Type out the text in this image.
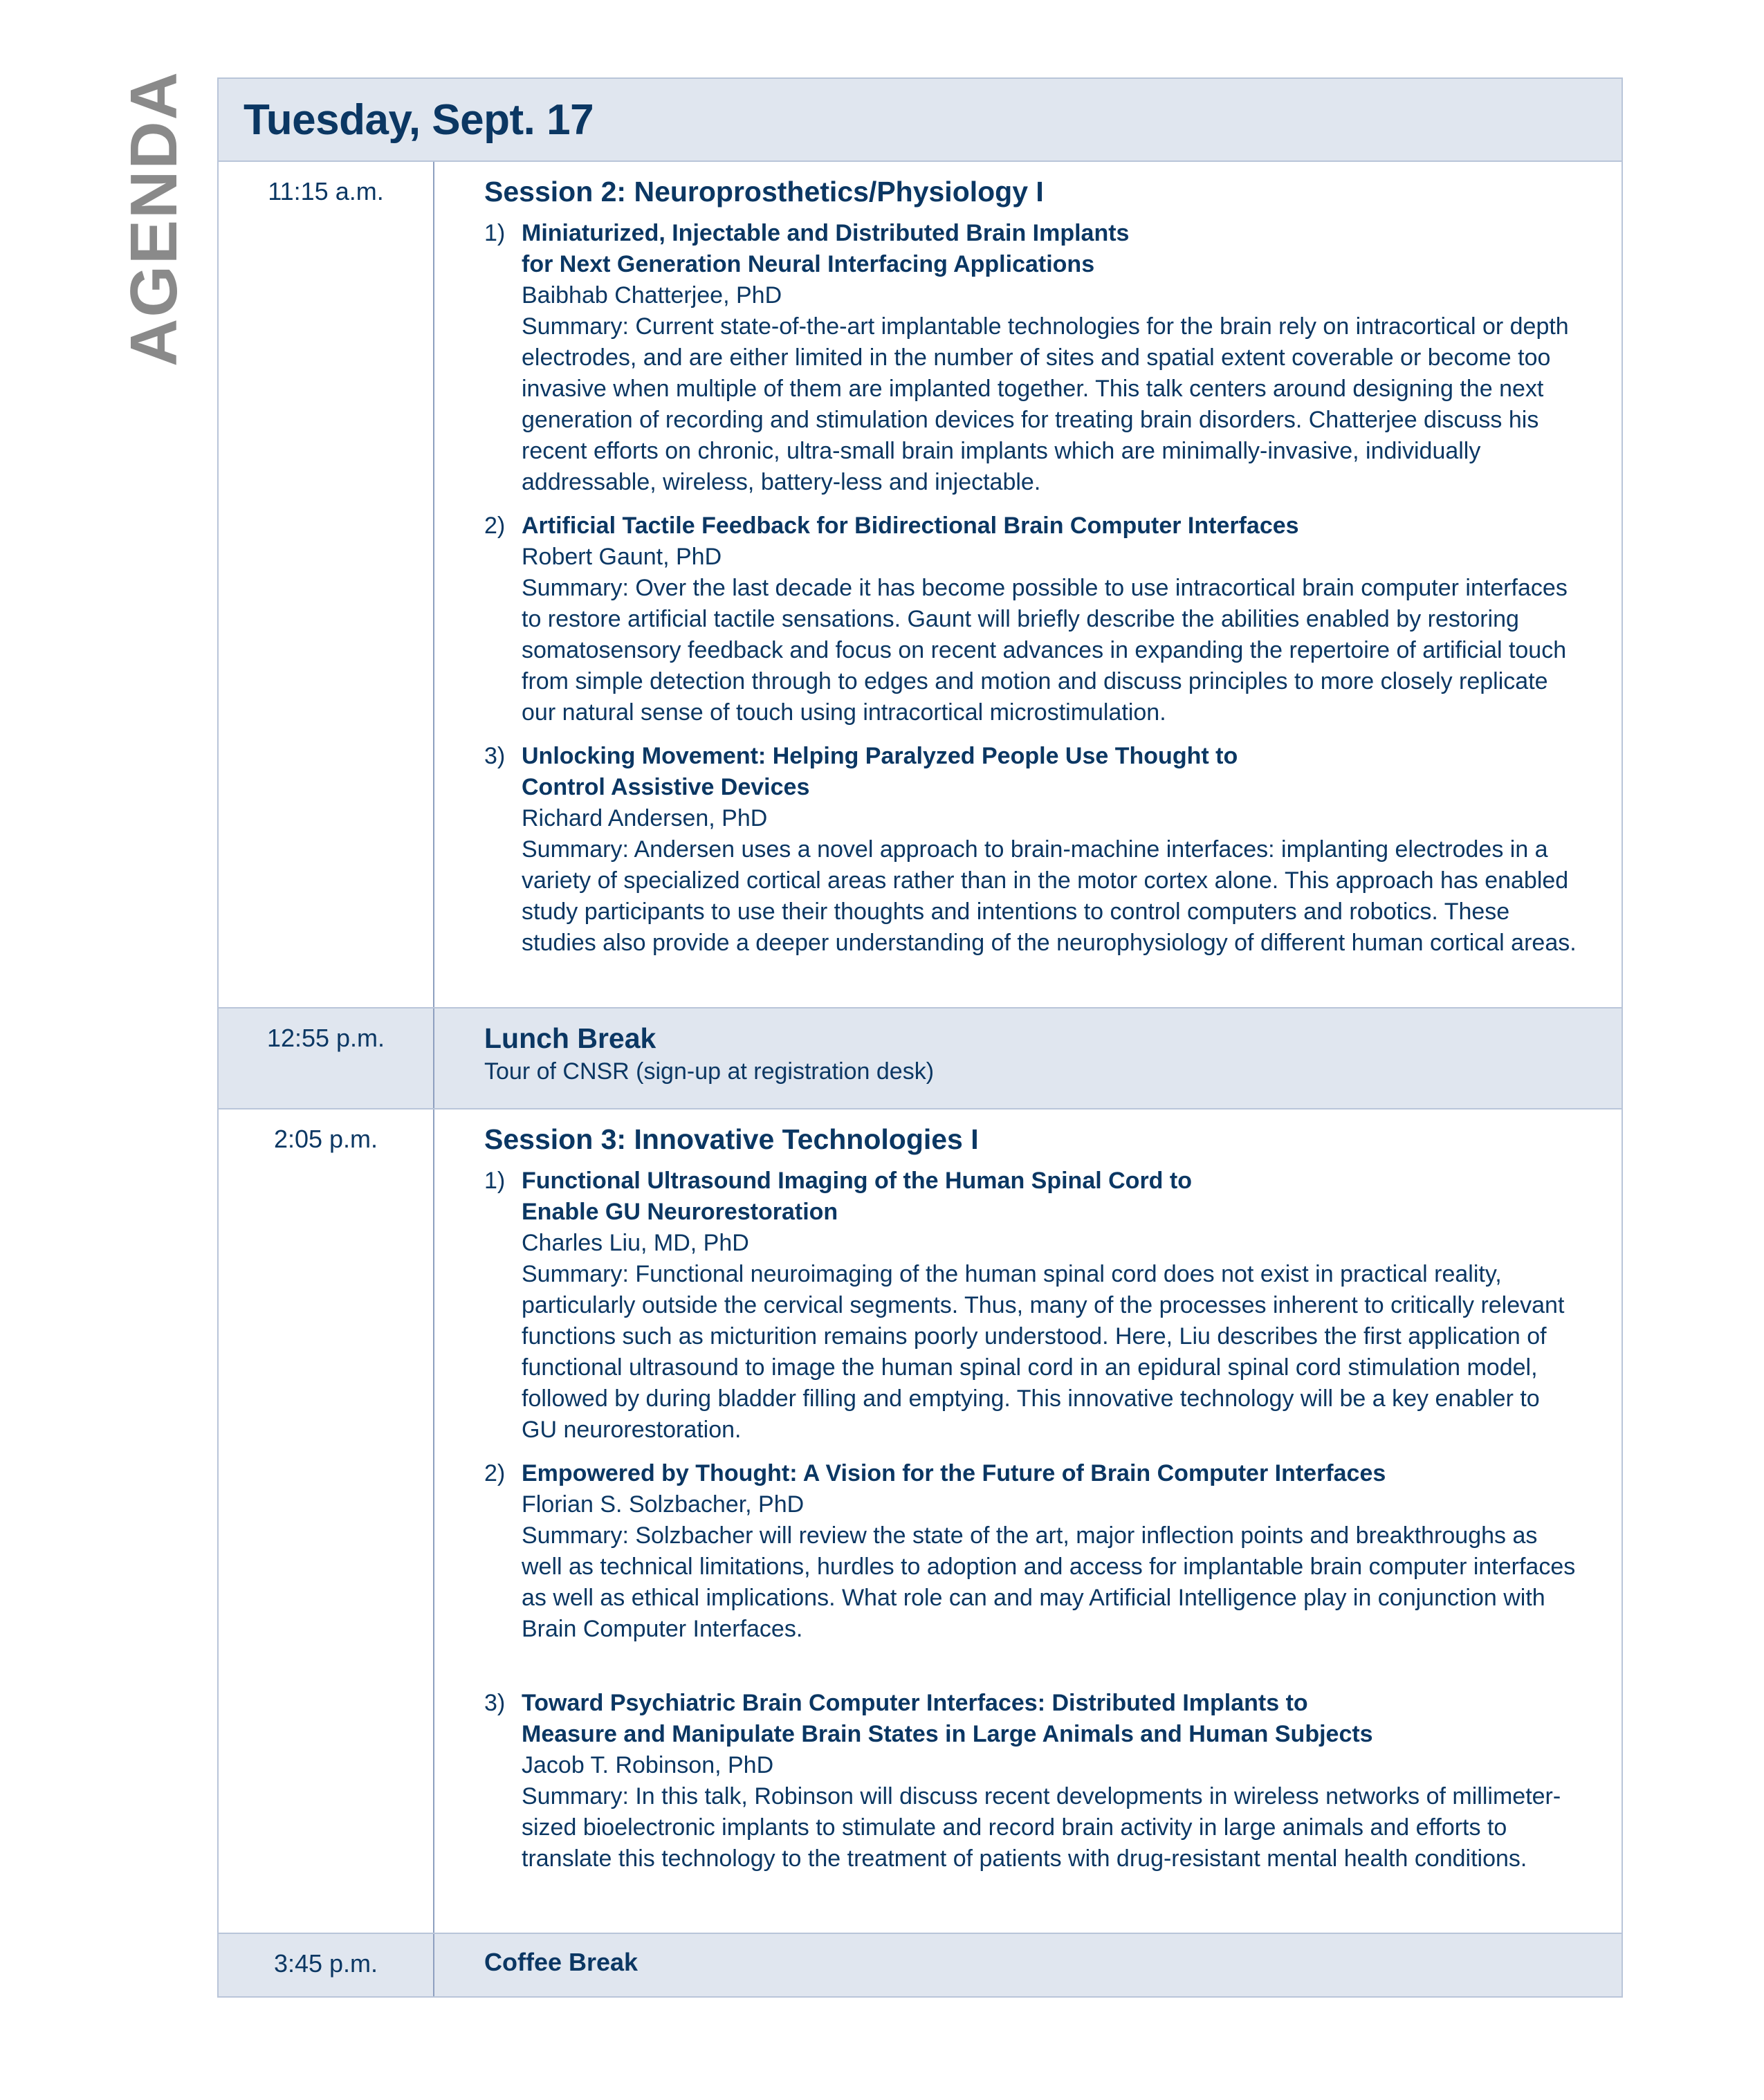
AGENDA Tuesday, Sept. 17
11:15 a.m.	Session 2: Neuroprosthetics/Physiology I
1) Miniaturized, Injectable and Distributed Brain Implants
for Next Generation Neural Interfacing Applications
Baibhab Chatterjee, PhD
Summary: Current state-of-the-art implantable technologies for the brain rely on intracortical or depth electrodes, and are either limited in the number of sites and spatial extent coverable or become too invasive when multiple of them are implanted together. This talk centers around designing the next generation of recording and stimulation devices for treating brain disorders. Chatterjee discuss his recent efforts on chronic, ultra-small brain implants which are minimally-invasive, individually addressable, wireless, battery-less and injectable.
2) Artificial Tactile Feedback for Bidirectional Brain Computer Interfaces
Robert Gaunt, PhD
Summary: Over the last decade it has become possible to use intracortical brain computer interfaces to restore artificial tactile sensations. Gaunt will briefly describe the abilities enabled by restoring somatosensory feedback and focus on recent advances in expanding the repertoire of artificial touch from simple detection through to edges and motion and discuss principles to more closely replicate our natural sense of touch using intracortical microstimulation.
3) Unlocking Movement: Helping Paralyzed People Use Thought to
Control Assistive Devices
Richard Andersen, PhD
Summary: Andersen uses a novel approach to brain-machine interfaces: implanting electrodes in a variety of specialized cortical areas rather than in the motor cortex alone. This approach has enabled study participants to use their thoughts and intentions to control computers and robotics. These studies also provide a deeper understanding of the neurophysiology of different human cortical areas.
12:55 p.m.	Lunch Break
Tour of CNSR (sign-up at registration desk)
2:05 p.m.	Session 3: Innovative Technologies I
1) Functional Ultrasound Imaging of the Human Spinal Cord to
Enable GU Neurorestoration
Charles Liu, MD, PhD
Summary: Functional neuroimaging of the human spinal cord does not exist in practical reality, particularly outside the cervical segments. Thus, many of the processes inherent to critically relevant functions such as micturition remains poorly understood. Here, Liu describes the first application of functional ultrasound to image the human spinal cord in an epidural spinal cord stimulation model, followed by during bladder filling and emptying. This innovative technology will be a key enabler to GU neurorestoration.
2) Empowered by Thought: A Vision for the Future of Brain Computer Interfaces
Florian S. Solzbacher, PhD
Summary: Solzbacher will review the state of the art, major inflection points and breakthroughs as well as technical limitations, hurdles to adoption and access for implantable brain computer interfaces as well as ethical implications. What role can and may Artificial Intelligence play in conjunction with Brain Computer Interfaces.
3) Toward Psychiatric Brain Computer Interfaces: Distributed Implants to
Measure and Manipulate Brain States in Large Animals and Human Subjects
Jacob T. Robinson, PhD
Summary: In this talk, Robinson will discuss recent developments in wireless networks of millimeter-sized bioelectronic implants to stimulate and record brain activity in large animals and efforts to translate this technology to the treatment of patients with drug-resistant mental health conditions.
3:45 p.m.	Coffee Break
